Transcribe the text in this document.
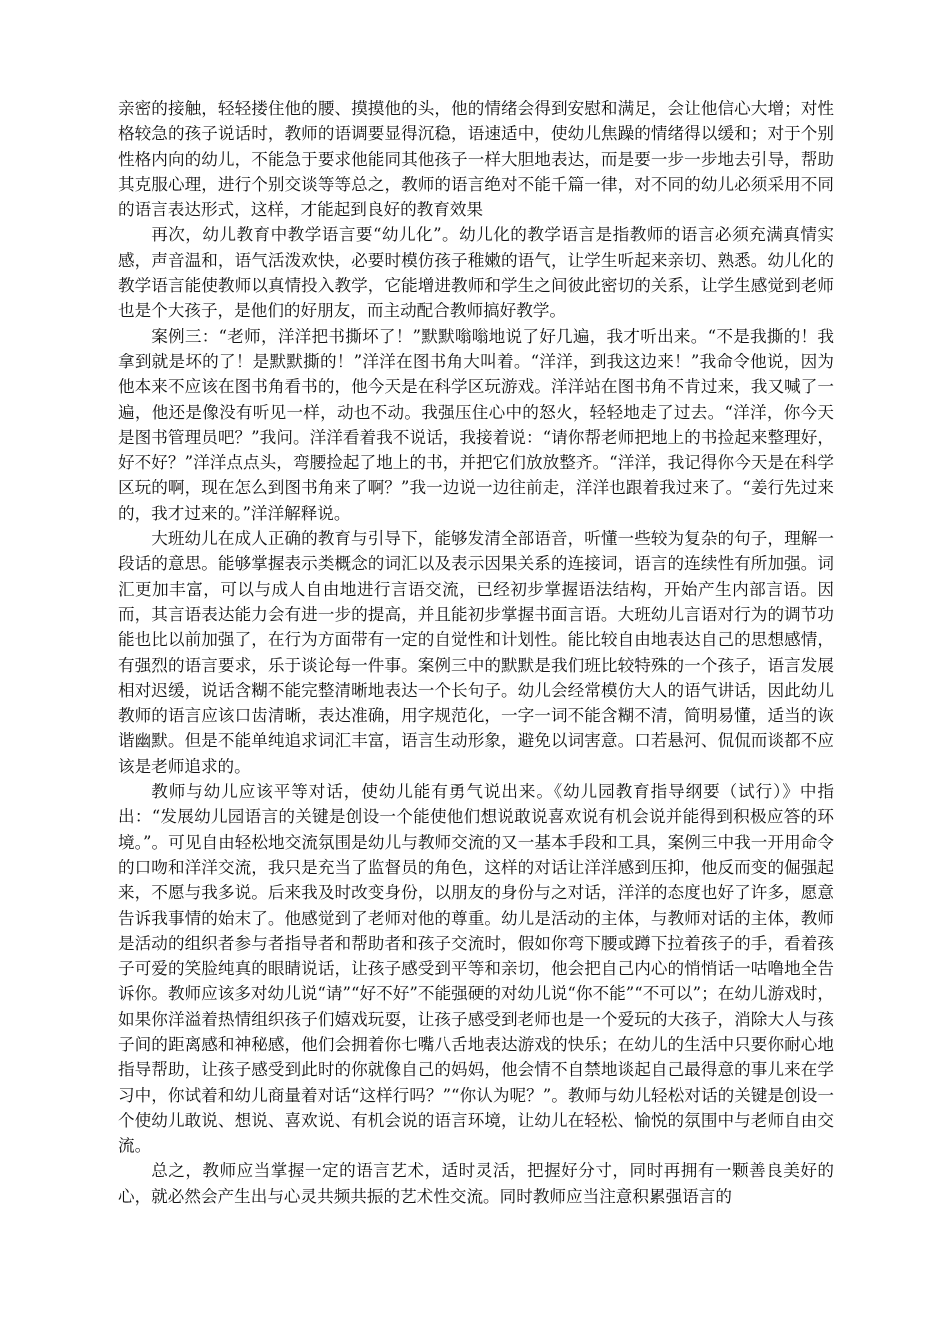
亲密的接触，轻轻搂住他的腰、摸摸他的头，他的情绪会得到安慰和满足，会让他信心大增；对性格较急的孩子说话时，教师的语调要显得沉稳，语速适中，使幼儿焦躁的情绪得以缓和；对于个别性格内向的幼儿，不能急于要求他能同其他孩子一样大胆地表达，而是要一步一步地去引导，帮助其克服心理，进行个别交谈等等总之，教师的语言绝对不能千篇一律，对不同的幼儿必须采用不同的语言表达形式，这样，才能起到良好的教育效果

再次，幼儿教育中教学语言要“幼儿化”。幼儿化的教学语言是指教师的语言必须充满真情实感，声音温和，语气活泼欢快，必要时模仿孩子稚嫩的语气，让学生听起来亲切、熟悉。幼儿化的教学语言能使教师以真情投入教学，它能增进教师和学生之间彼此密切的关系，让学生感觉到老师也是个大孩子，是他们的好朋友，而主动配合教师搞好教学。

案例三：“老师，洋洋把书撕坏了！”默默嗡嗡地说了好几遍，我才听出来。“不是我撕的！我拿到就是坏的了！是默默撕的！”洋洋在图书角大叫着。“洋洋，到我这边来！”我命令他说，因为他本来不应该在图书角看书的，他今天是在科学区玩游戏。洋洋站在图书角不肯过来，我又喊了一遍，他还是像没有听见一样，动也不动。我强压住心中的怒火，轻轻地走了过去。“洋洋，你今天是图书管理员吧？”我问。洋洋看着我不说话，我接着说：“请你帮老师把地上的书捡起来整理好，好不好？”洋洋点点头，弯腰捡起了地上的书，并把它们放放整齐。“洋洋，我记得你今天是在科学区玩的啊，现在怎么到图书角来了啊？”我一边说一边往前走，洋洋也跟着我过来了。“姜行先过来的，我才过来的。”洋洋解释说。

大班幼儿在成人正确的教育与引导下，能够发清全部语音，听懂一些较为复杂的句子，理解一段话的意思。能够掌握表示类概念的词汇以及表示因果关系的连接词，语言的连续性有所加强。词汇更加丰富，可以与成人自由地进行言语交流，已经初步掌握语法结构，开始产生内部言语。因而，其言语表达能力会有进一步的提高，并且能初步掌握书面言语。大班幼儿言语对行为的调节功能也比以前加强了，在行为方面带有一定的自觉性和计划性。能比较自由地表达自己的思想感情，有强烈的语言要求，乐于谈论每一件事。案例三中的默默是我们班比较特殊的一个孩子，语言发展相对迟缓，说话含糊不能完整清晰地表达一个长句子。幼儿会经常模仿大人的语气讲话，因此幼儿教师的语言应该口齿清晰，表达准确，用字规范化，一字一词不能含糊不清，简明易懂，适当的诙谐幽默。但是不能单纯追求词汇丰富，语言生动形象，避免以词害意。口若悬河、侃侃而谈都不应该是老师追求的。

教师与幼儿应该平等对话，使幼儿能有勇气说出来。《幼儿园教育指导纲要（试行）》中指出：“发展幼儿园语言的关键是创设一个能使他们想说敢说喜欢说有机会说并能得到积极应答的环境。”。可见自由轻松地交流氛围是幼儿与教师交流的又一基本手段和工具，案例三中我一开用命令的口吻和洋洋交流，我只是充当了监督员的角色，这样的对话让洋洋感到压抑，他反而变的倔强起来，不愿与我多说。后来我及时改变身份，以朋友的身份与之对话，洋洋的态度也好了许多，愿意告诉我事情的始末了。他感觉到了老师对他的尊重。幼儿是活动的主体，与教师对话的主体，教师是活动的组织者参与者指导者和帮助者和孩子交流时，假如你弯下腰或蹲下拉着孩子的手，看着孩子可爱的笑脸纯真的眼睛说话，让孩子感受到平等和亲切，他会把自己内心的悄悄话一咕噜地全告诉你。教师应该多对幼儿说“请”“好不好”不能强硬的对幼儿说“你不能”“不可以”；在幼儿游戏时，如果你洋溢着热情组织孩子们嬉戏玩耍，让孩子感受到老师也是一个爱玩的大孩子，消除大人与孩子间的距离感和神秘感，他们会拥着你七嘴八舌地表达游戏的快乐；在幼儿的生活中只要你耐心地指导帮助，让孩子感受到此时的你就像自己的妈妈，他会情不自禁地谈起自己最得意的事儿来在学习中，你试着和幼儿商量着对话“这样行吗？”“你认为呢？”。教师与幼儿轻松对话的关键是创设一个使幼儿敢说、想说、喜欢说、有机会说的语言环境，让幼儿在轻松、愉悦的氛围中与老师自由交流。

总之，教师应当掌握一定的语言艺术，适时灵活，把握好分寸，同时再拥有一颗善良美好的心，就必然会产生出与心灵共频共振的艺术性交流。同时教师应当注意积累强语言的
